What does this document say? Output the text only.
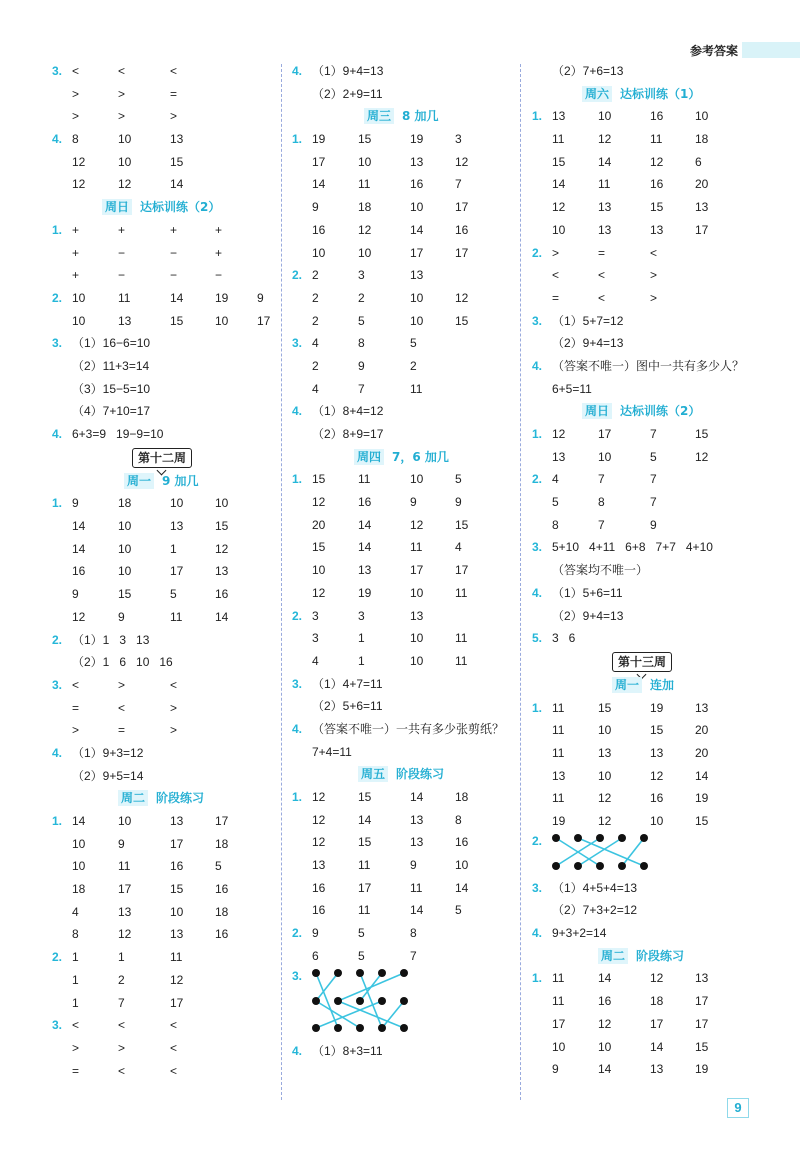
参考答案
3. <	<	<
>	>	=
>	>	>
4. 8	10	13
12	10	15
12	12	14
周日 达标训练（2）
1. +	+	+	+
+	−	−	+
+	−	−	−
2. 10	11	14	19 9
10	13	15	10 17
3. （1）16−6=10
（2）11+3=14
（3）15−5=10
（4）7+10=17
4. 6+3=9   19−9=10
第十二周
周一 9 加几
1. 9	18	10	10
14	10	13	15
14	10	1	12
16	10	17	13
9	15	5	16
12	9	11	14
2. （1）1   3   13
（2）1   6   10   16
3. <	>	<
=	<	>
>	=	>
4. （1）9+3=12
（2）9+5=14
周二 阶段练习
1. 14	10	13	17
10	9	17	18
10	11	16	5
18	17	15	16
4	13	10	18
8	12	13	16
2. 1	1	11
1	2	12
1	7	17
3. <	<	<
>	>	<
=	<	<
4. （1）9+4=13
（2）2+9=11
周三 8 加几
1. 19	15	19	3
17	10	13	12
14	11	16	7
9	18	10	17
16	12	14	16
10	10	17	17
2. 2	3	13
2	2	10	12
2	5	10	15
3. 4	8	5
2	9	2
4	7	11
4. （1）8+4=12
（2）8+9=17
周四 7，6 加几
1. 15	11	10	5
12	16	9	9
20	14	12	15
15	14	11	4
10	13	17	17
12	19	10	11
2. 3	3	13
3	1	10	11
4	1	10	11
3. （1）4+7=11
（2）5+6=11
4. （答案不唯一）一共有多少张剪纸？
7+4=11
周五 阶段练习
1. 12	15	14	18
12	14	13	8
12	15	13	16
13	11	9	10
16	17	11	14
16	11	14	5
2. 9	5	8
6	5	7
3.
4. （1）8+3=11
（2）7+6=13
周六 达标训练（1）
1. 13	10	16	10
11	12	11	18
15	14	12	6
14	11	16	20
12	13	15	13
10	13	13	17
2. >	=	<
<	<	>
=	<	>
3. （1）5+7=12
（2）9+4=13
4. （答案不唯一）图中一共有多少人？
6+5=11
周日 达标训练（2）
1. 12	17	7	15
13	10	5	12
2. 4	7	7
5	8	7
8	7	9
3. 5+10   4+11   6+8   7+7   4+10
（答案均不唯一）
4. （1）5+6=11
（2）9+4=13
5. 3   6
第十三周
周一 连加
1. 11	15	19	13
11	10	15	20
11	13	13	20
13	10	12	14
11	12	16	19
19	12	10	15
2.
3. （1）4+5+4=13
（2）7+3+2=12
4. 9+3+2=14
周二 阶段练习
1. 11	14	12	13
11	16	18	17
17	12	17	17
10	10	14	15
9	14	13	19
9
